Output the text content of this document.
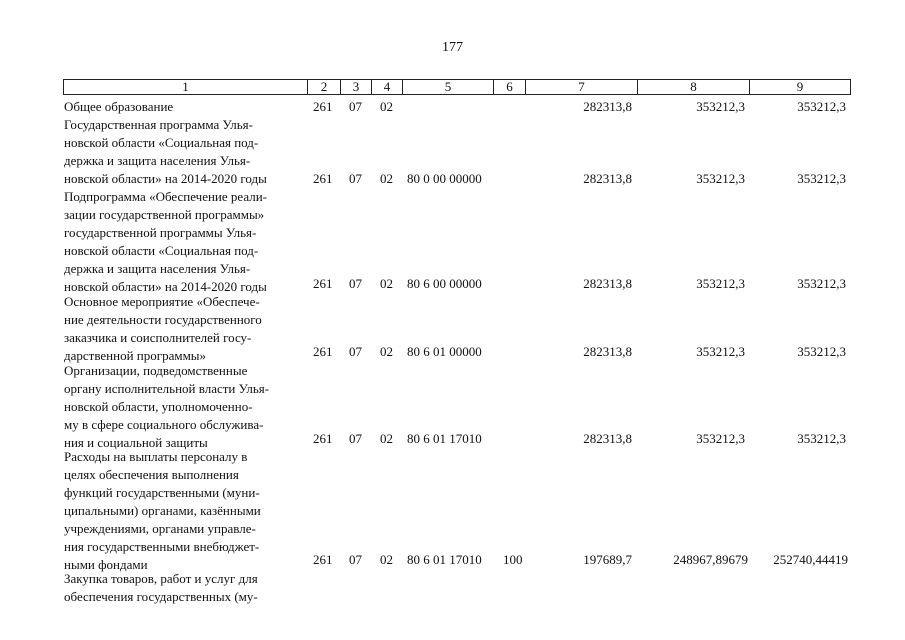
177
1	2	3	4	5	6	7	8	9
Общее образование	261 07 02	282313,8	353212,3	353212,3
Государственная программа Улья-
новской области «Социальная под-
держка и защита населения Улья-
новской области» на 2014-2020 годы	261 07 02 80 0 00 00000	282313,8	353212,3	353212,3
Подпрограмма «Обеспечение реали-
зации государственной программы»
государственной программы Улья-
новской области «Социальная под-
держка и защита населения Улья-
новской области» на 2014-2020 годы	261 07 02 80 6 00 00000	282313,8	353212,3	353212,3
Основное мероприятие «Обеспече-
ние деятельности государственного
заказчика и соисполнителей госу-
дарственной программы»	261 07 02 80 6 01 00000	282313,8	353212,3	353212,3
Организации, подведомственные
органу исполнительной власти Улья-
новской области, уполномоченно-
му в сфере социального обслужива-
ния и социальной защиты	261 07 02 80 6 01 17010	282313,8	353212,3	353212,3
Расходы на выплаты персоналу в
целях обеспечения выполнения
функций государственными (муни-
ципальными) органами, казёнными
учреждениями, органами управле-
ния государственными внебюджет-
ными фондами	261 07 02 80 6 01 17010 100	197689,7	248967,89679	252740,44419
Закупка товаров, работ и услуг для
обеспечения государственных (му-
